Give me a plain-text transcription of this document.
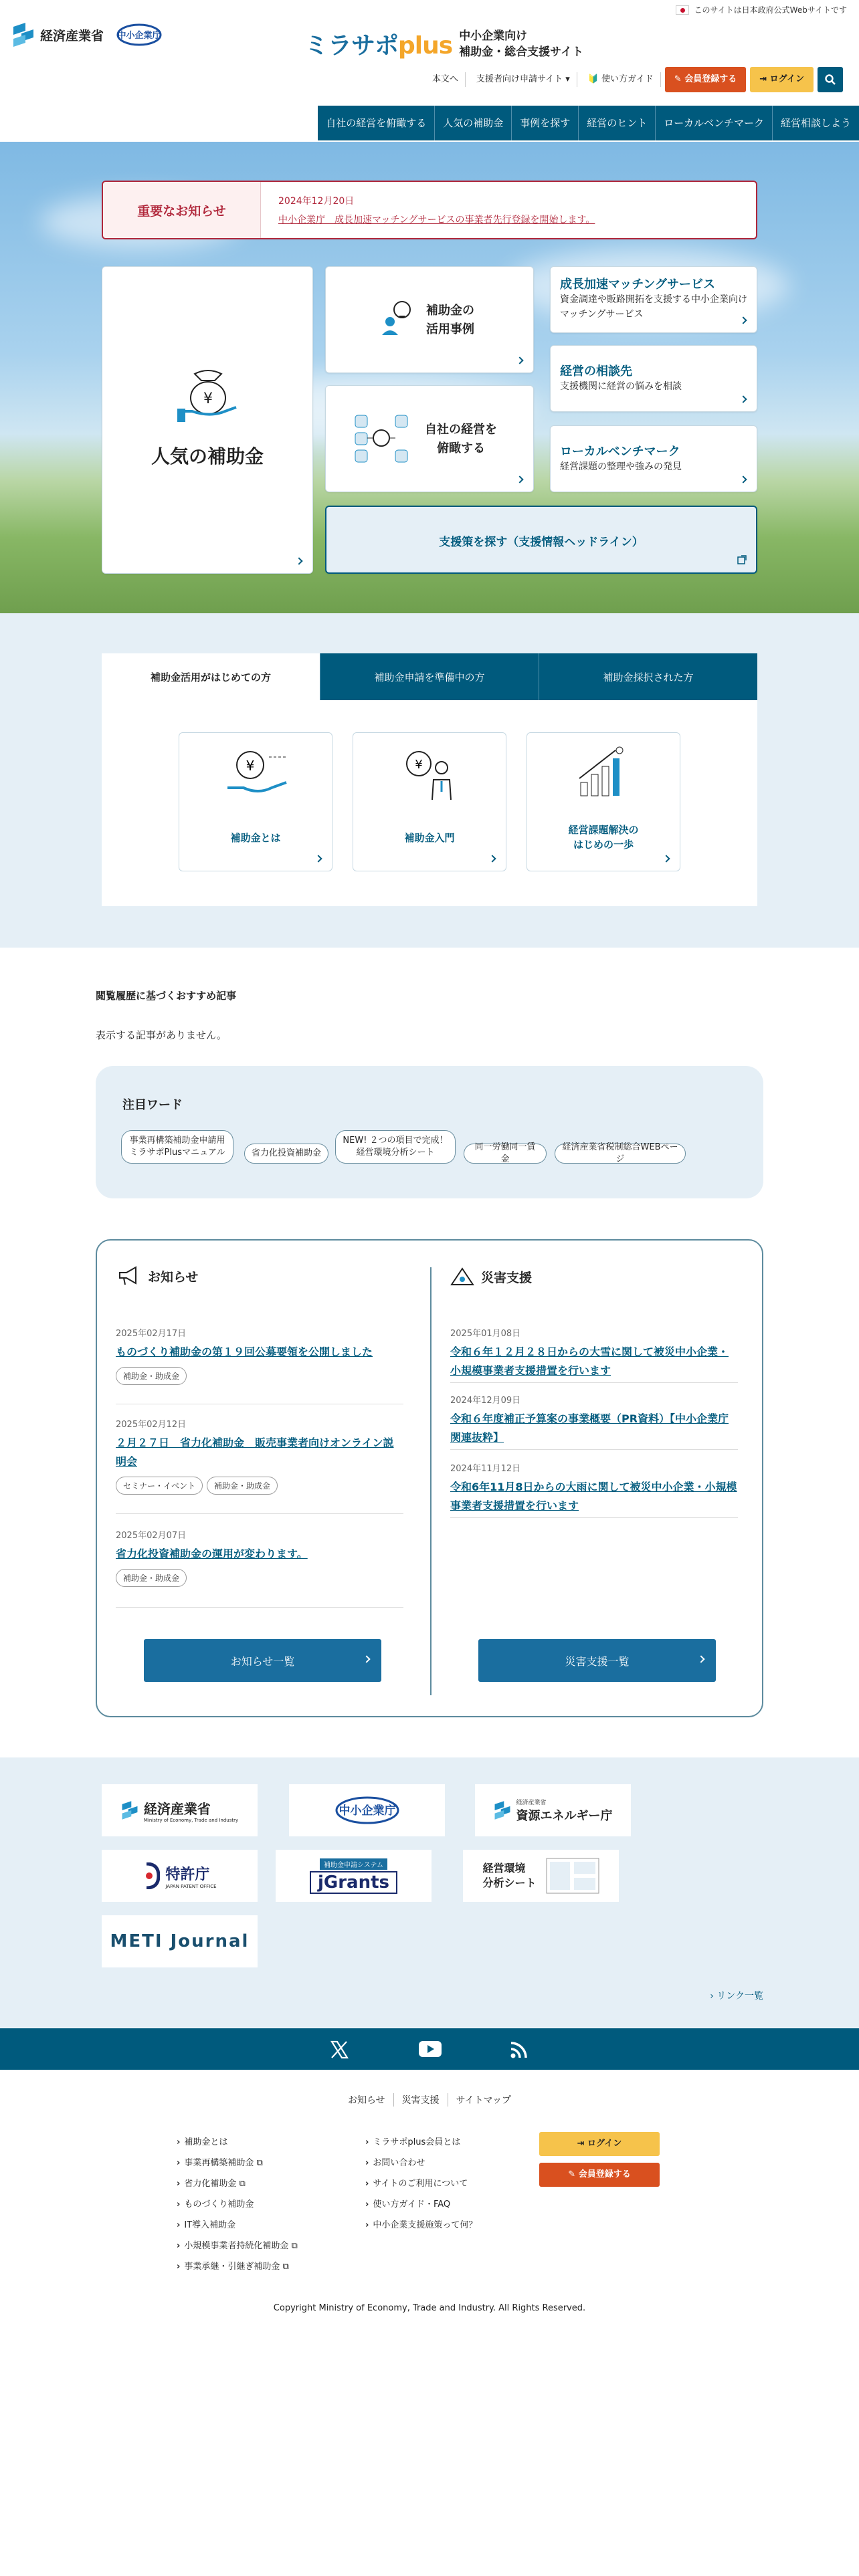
このサイトは日本政府公式Webサイトです
経済産業省 中小企業庁	ミラサポplus 中小企業向け
補助金・総合支援サイト
本文へ	支援者向け申請サイト ▾	🔰 使い方ガイド	✎ 会員登録する	⇥ ログイン
自社の経営を俯瞰する	人気の補助金	事例を探す	経営のヒント	ローカルベンチマーク	経営相談しよう
重要なお知らせ
2024年12月20日
中小企業庁　成長加速マッチングサービスの事業者先行登録を開始します。
¥
人気の補助金
補助金の
活用事例
自社の経営を
俯瞰する
成長加速マッチングサービス
資金調達や販路開拓を支援する中小企業向けマッチングサービス
経営の相談先
支援機関に経営の悩みを相談
ローカルベンチマーク
経営課題の整理や強みの発見
支援策を探す（支援情報ヘッドライン）
補助金活用がはじめての方	補助金申請を準備中の方	補助金採択された方
¥
補助金とは
¥
補助金入門
経営課題解決の
はじめの一歩
閲覧履歴に基づくおすすめ記事
表示する記事がありません。
注目ワード
事業再構築補助金申請用
ミラサポPlusマニュアル	省力化投資補助金
NEW! ２つの項目で完成！
経営環境分析シート
同一労働同一賃金
経済産業省税制総合WEBページ
お知らせ	災害支援
2025年02月17日
ものづくり補助金の第１９回公募要領を公開しました
補助金・助成金
2025年02月12日
２月２７日　省力化補助金　販売事業者向けオンライン説明会
セミナー・イベント 補助金・助成金
2025年02月07日
省力化投資補助金の運用が変わります。
補助金・助成金
2025年01月08日
令和６年１２月２８日からの大雪に関して被災中小企業・小規模事業者支援措置を行います
2024年12月09日
令和６年度補正予算案の事業概要（PR資料）【中小企業庁関連抜粋】
2024年11月12日
令和6年11月8日からの大雨に関して被災中小企業・小規模事業者支援措置を行います
お知らせ一覧	災害支援一覧
経済産業省
Ministry of Economy, Trade and Industry
中小企業庁
経済産業省
資源エネルギー庁
特許庁
JAPAN PATENT OFFICE
補助金申請システム
jGrants
経営環境
分析シート
METI Journal
› リンク一覧
お知らせ	災害支援	サイトマップ
› 補助金とは
› 事業再構築補助金 ⧉
› 省力化補助金 ⧉
› ものづくり補助金
› IT導入補助金
› 小規模事業者持続化補助金 ⧉
› 事業承継・引継ぎ補助金 ⧉
› ミラサポplus会員とは
› お問い合わせ
› サイトのご利用について
› 使い方ガイド・FAQ
› 中小企業支援施策って何？
⇥ ログイン
✎ 会員登録する
Copyright Ministry of Economy, Trade and Industry. All Rights Reserved.
